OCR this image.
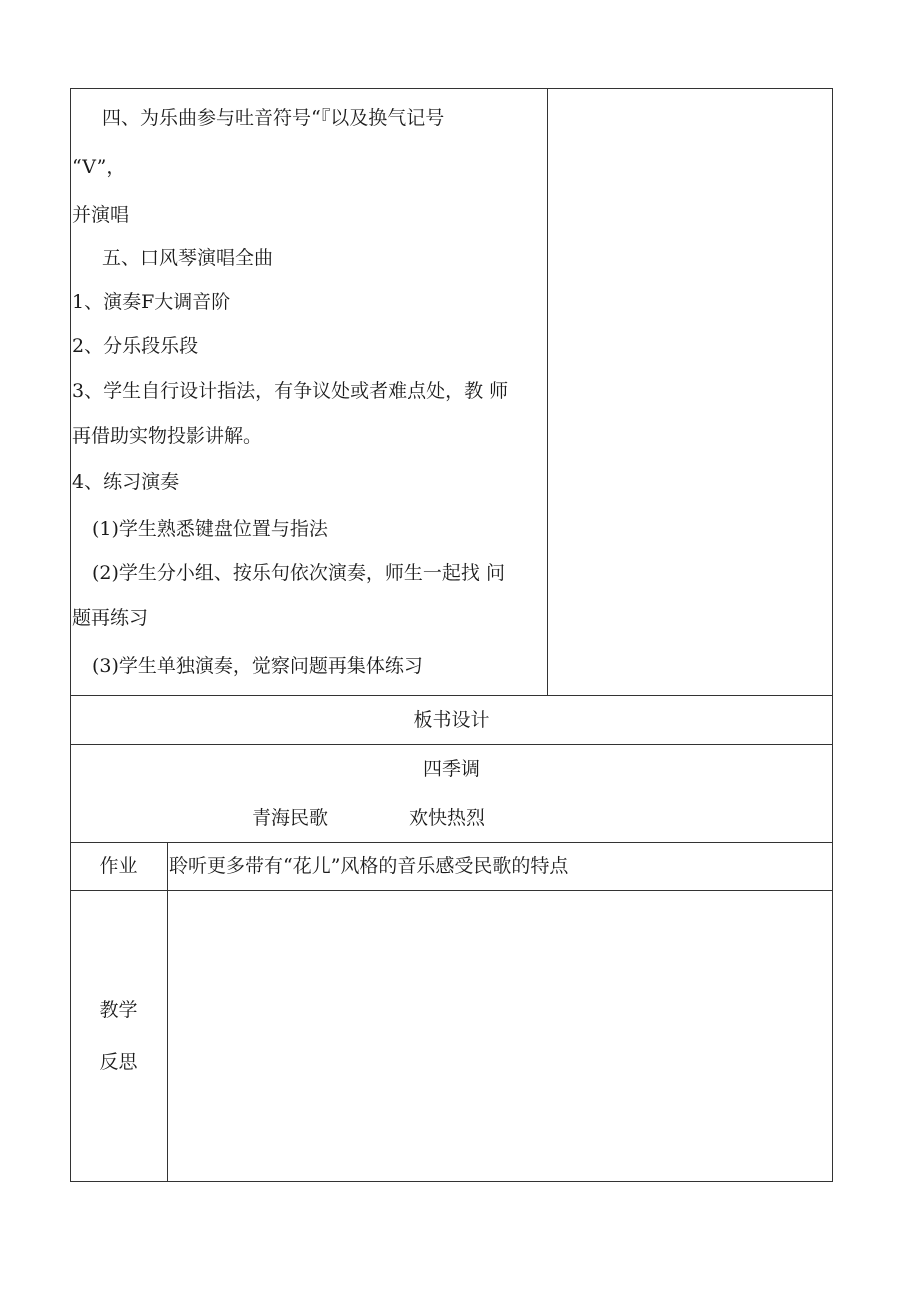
四、为乐曲参与吐音符号“『以及换气记号
“V”，
并演唱
五、口风琴演唱全曲
1、演奏F大调音阶
2、分乐段乐段
3、学生自行设计指法，有争议处或者难点处，教 师
再借助实物投影讲解。
4、练习演奏
(1)学生熟悉键盘位置与指法
(2)学生分小组、按乐句依次演奏，师生一起找 问
题再练习
(3)学生单独演奏，觉察问题再集体练习
板书设计
四季调
青海民歌	欢快热烈
作业	聆听更多带有“花儿”风格的音乐感受民歌的特点
教学
反思
